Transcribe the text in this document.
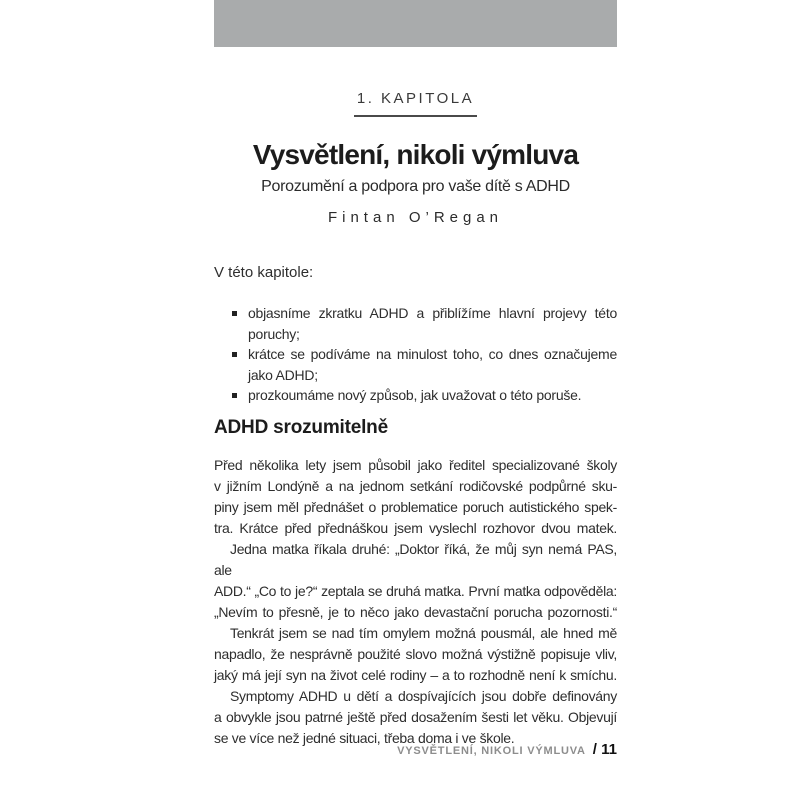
1. KAPITOLA
Vysvětlení, nikoli výmluva
Porozumění a podpora pro vaše dítě s ADHD
Fintan O’Regan
V této kapitole:
objasníme zkratku ADHD a přiblížíme hlavní projevy této poruchy;
krátce se podíváme na minulost toho, co dnes označujeme
jako ADHD;
prozkoumáme nový způsob, jak uvažovat o této poruše.
ADHD srozumitelně
Před několika lety jsem působil jako ředitel specializované školy
v jižním Londýně a na jednom setkání rodičovské podpůrné sku-
piny jsem měl přednášet o problematice poruch autistického spek-
tra. Krátce před přednáškou jsem vyslechl rozhovor dvou matek.
Jedna matka říkala druhé: „Doktor říká, že můj syn nemá PAS, ale
ADD.“ „Co to je?“ zeptala se druhá matka. První matka odpověděla:
„Nevím to přesně, je to něco jako devastační porucha pozornosti.“
Tenkrát jsem se nad tím omylem možná pousmál, ale hned mě
napadlo, že nesprávně použité slovo možná výstižně popisuje vliv,
jaký má její syn na život celé rodiny – a to rozhodně není k smíchu.
Symptomy ADHD u dětí a dospívajících jsou dobře definovány
a obvykle jsou patrné ještě před dosažením šesti let věku. Objevují
se ve více než jedné situaci, třeba doma i ve škole.
VYSVĚTLENÍ, NIKOLI VÝMLUVA / 11
